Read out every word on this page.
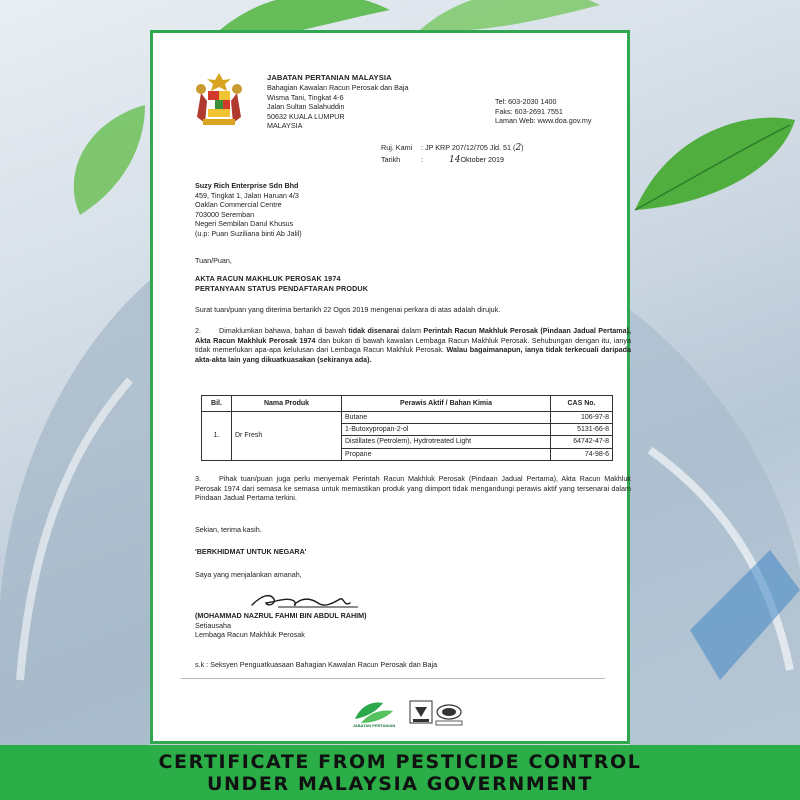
JABATAN PERTANIAN MALAYSIA
Bahagian Kawalan Racun Perosak dan Baja
Wisma Tani, Tingkat 4-6
Jalan Sultan Salahuddin
50632 KUALA LUMPUR
MALAYSIA
Tel: 603-2030 1400
Faks: 603-2691 7551
Laman Web: www.doa.gov.my
Ruj. Kami	: JP KRP 207/12/705 Jld. 51 ( 2 )
Tarikh	:	14 Oktober 2019
Suzy Rich Enterprise Sdn Bhd
459, Tingkat 1, Jalan Haruan 4/3
Oaklan Commercial Centre
703000 Seremban
Negeri Sembilan Darul Khusus
(u.p: Puan Suziliana binti Ab Jalil)
Tuan/Puan,
AKTA RACUN MAKHLUK PEROSAK 1974
PERTANYAAN STATUS PENDAFTARAN PRODUK
Surat tuan/puan yang diterima bertarikh 22 Ogos 2019 mengenai perkara di atas adalah dirujuk.

2.	Dimaklumkan bahawa, bahan di bawah tidak disenarai dalam Perintah Racun Makhluk Perosak (Pindaan Jadual Pertama), Akta Racun Makhluk Perosak 1974 dan bukan di bawah kawalan Lembaga Racun Makhluk Perosak. Sehubungan dengan itu, ianya tidak memerlukan apa-apa kelulusan dari Lembaga Racun Makhluk Perosak. Walau bagaimanapun, ianya tidak terkecuali daripada akta-akta lain yang dikuatkuasakan (sekiranya ada).

Bil.	Nama Produk	Perawis Aktif / Bahan Kimia	CAS No.
1.	Dr Fresh	Butane	106-97-8
		1-Butoxypropan-2-ol	5131-66-8
		Distillates (Petrolem), Hydrotreated Light	64742-47-8
		Propane	74-98-6

3.	Pihak tuan/puan juga perlu menyemak Perintah Racun Makhluk Perosak (Pindaan Jadual Pertama), Akta Racun Makhluk Perosak 1974 dari semasa ke semasa untuk memastikan produk yang diimport tidak mengandungi perawis aktif yang tersenarai dalam Pindaan Jadual Pertama terkini.

Sekian, terima kasih.
'BERKHIDMAT UNTUK NEGARA'
Saya yang menjalankan amanah,
(MOHAMMAD NAZRUL FAHMI BIN ABDUL RAHIM)
Setiausaha
Lembaga Racun Makhluk Perosak
s.k : Seksyen Penguatkuasaan Bahagian Kawalan Racun Perosak dan Baja
JABATAN PERTANIAN
CERTIFICATE FROM PESTICIDE CONTROL
UNDER MALAYSIA GOVERNMENT
